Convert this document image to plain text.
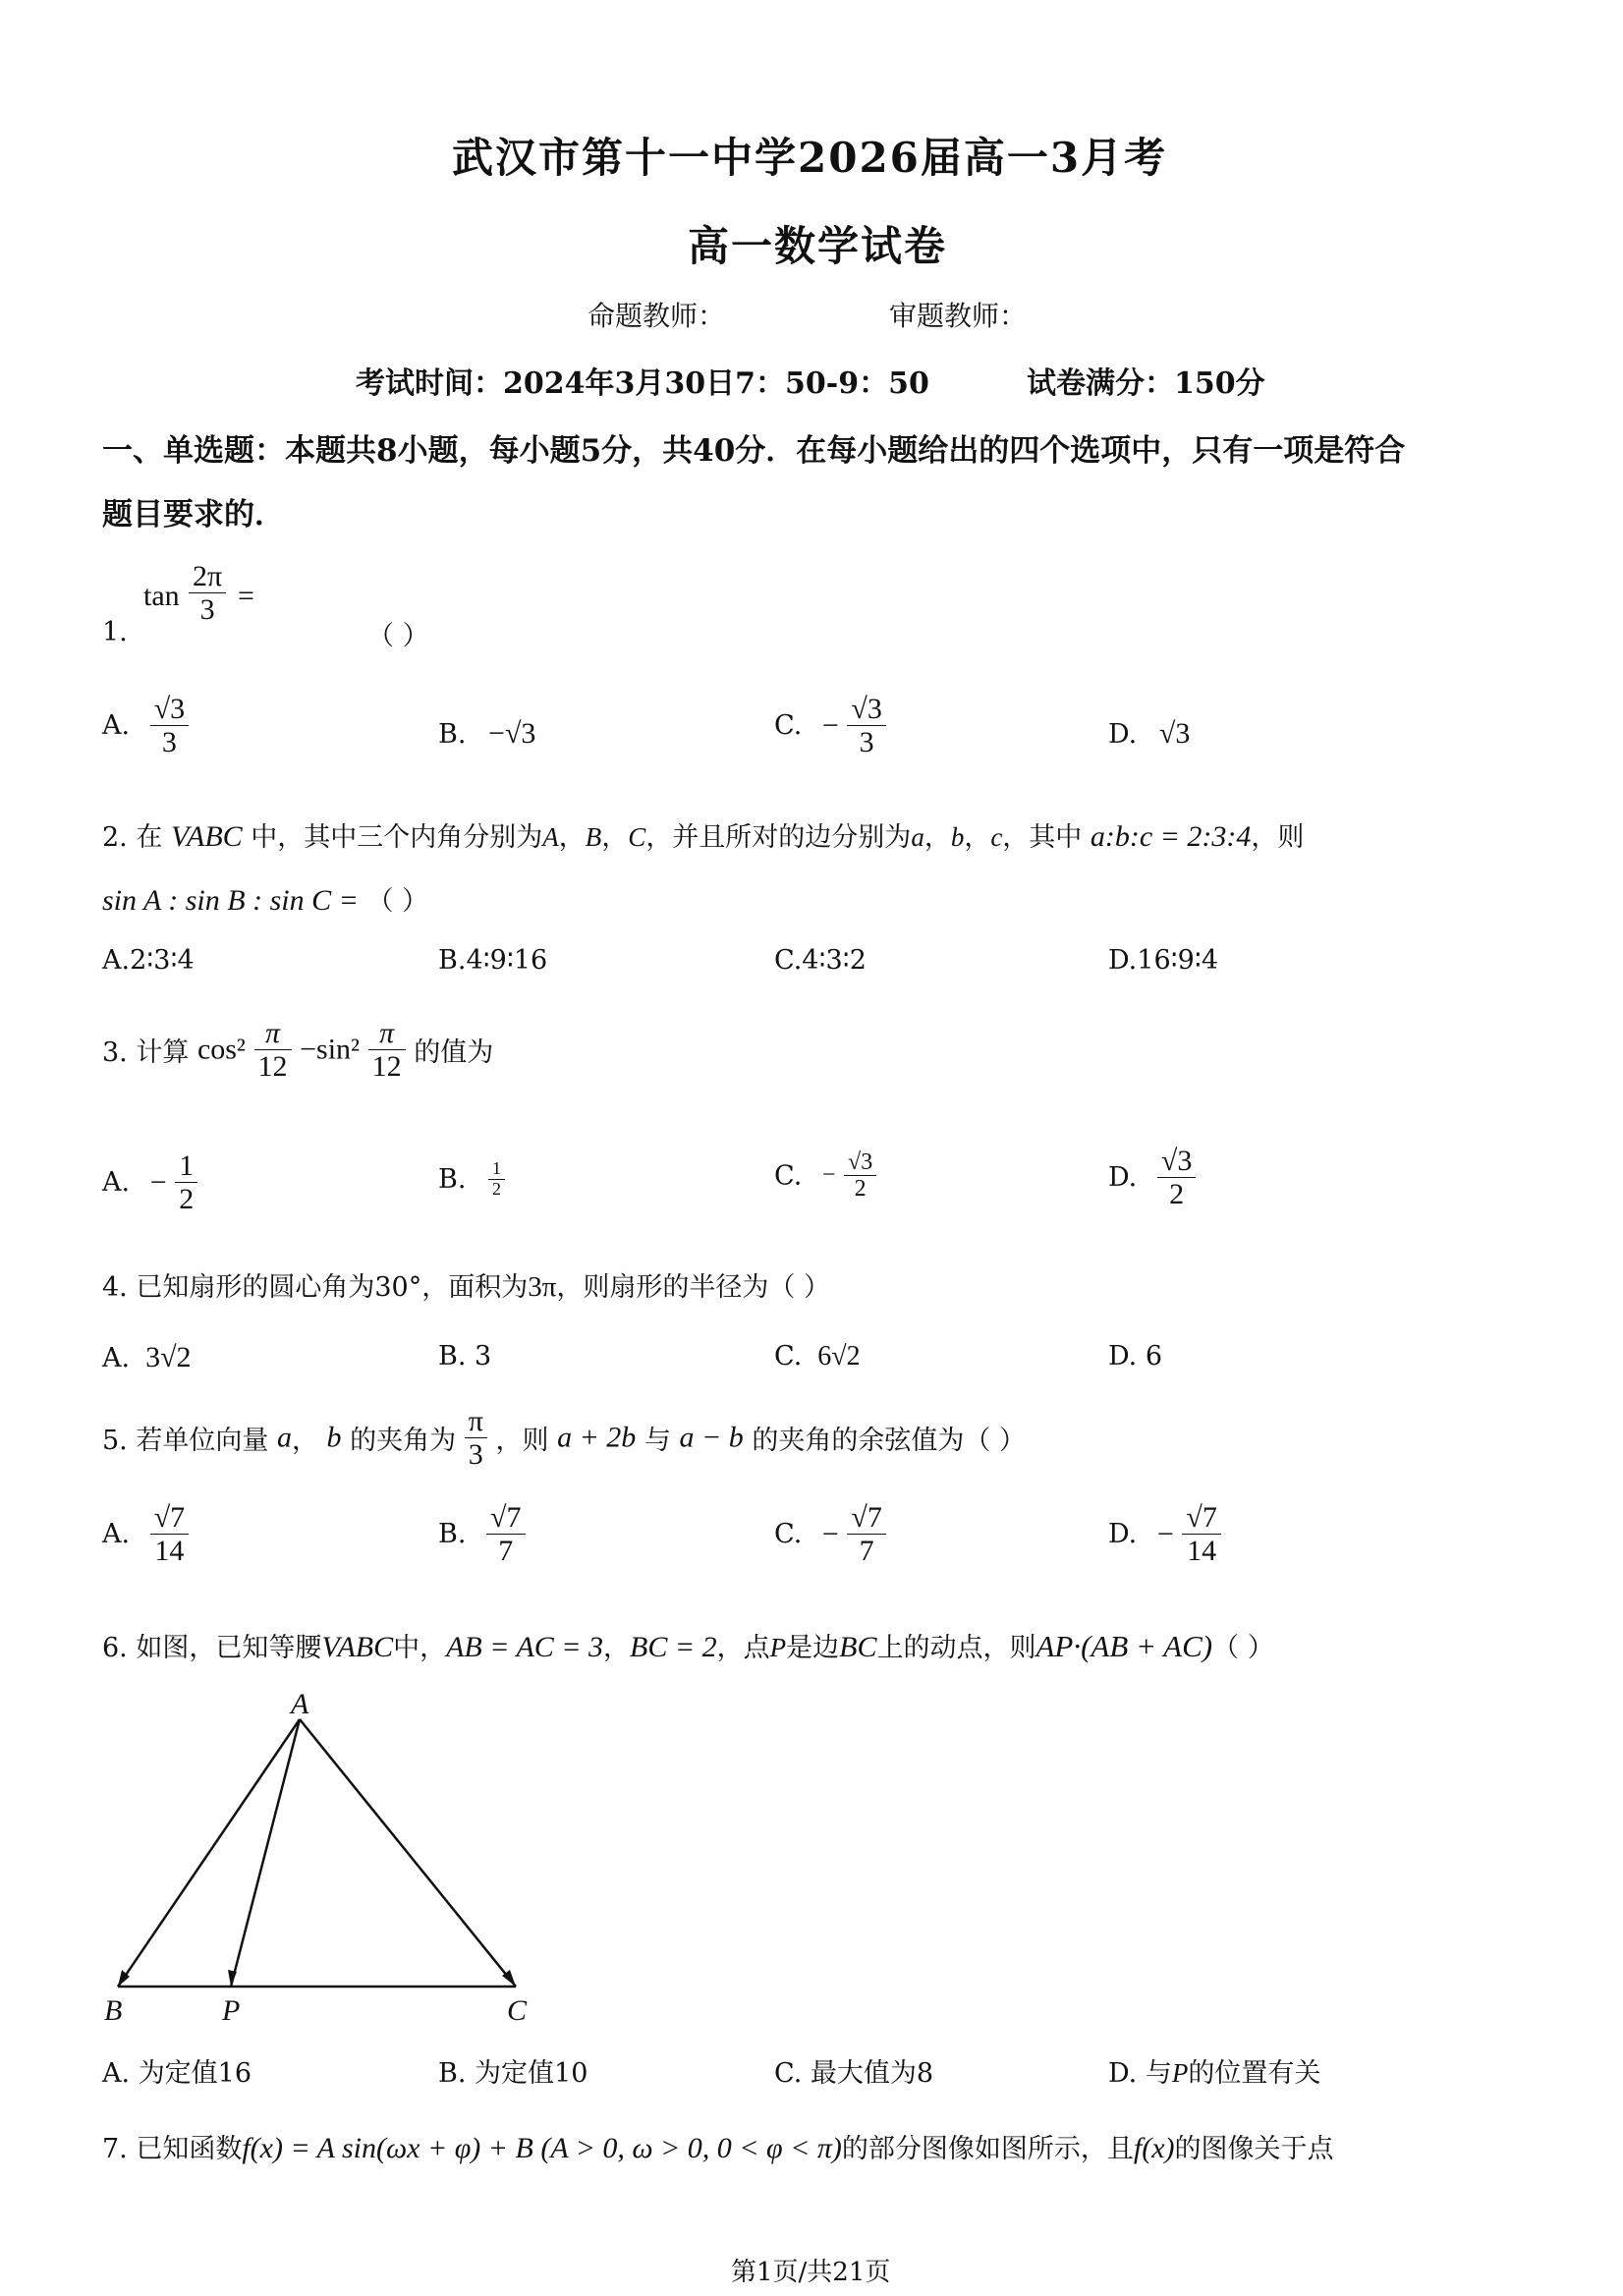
武汉市第十一中学2026届高一3月考
高一数学试卷
命题教师：	审题教师：
考试时间：2024年3月30日7：50-9：50	试卷满分：150分
一、单选题：本题共8小题，每小题5分，共40分．在每小题给出的四个选项中，只有一项是符合
题目要求的．
$\tan \frac{2\pi}{3}$ =
1.	（ ）
A. $\frac{√3}{3}$	B. −√3	C. − $\frac{√3}{3}$	D. √3
2. 在 VABC 中，其中三个内角分别为A，B，C，并且所对的边分别为a，b，c，其中 a:b:c = 2:3:4，则
sin A : sin B : sin C = （ ）
A.2∶3∶4	B.4∶9∶16	C.4∶3∶2	D.16∶9∶4
3. 计算 $\cos^2 \frac{\pi}{12} -\sin^2 \frac{\pi}{12}$ 的值为
A. − $\frac{1}{2}$	B. $\frac{1}{2}$	C. − $\frac{√3}{2}$	D. $\frac{√3}{2}$
4. 已知扇形的圆心角为30°，面积为3π，则扇形的半径为（ ）
A. 3√2	B. 3	C. 6√2	D. 6
5. 若单位向量 a， b 的夹角为 $\frac{\pi}{3}$ ，则 a + 2b 与 a − b 的夹角的余弦值为（ ）
A. $\frac{√7}{14}$	B. $\frac{√7}{7}$	C. − $\frac{√7}{7}$	D. − $\frac{√7}{14}$
6. 如图，已知等腰VABC中，AB = AC = 3，BC = 2，点P是边BC上的动点，则AP·(AB + AC)（ ）
A
B	P	C
A. 为定值16	B. 为定值10	C. 最大值为8	D. 与P的位置有关
7. 已知函数f(x) = A sin(ωx + φ) + B (A > 0, ω > 0, 0 < φ < π)的部分图像如图所示，且f(x)的图像关于点
第1页/共21页
